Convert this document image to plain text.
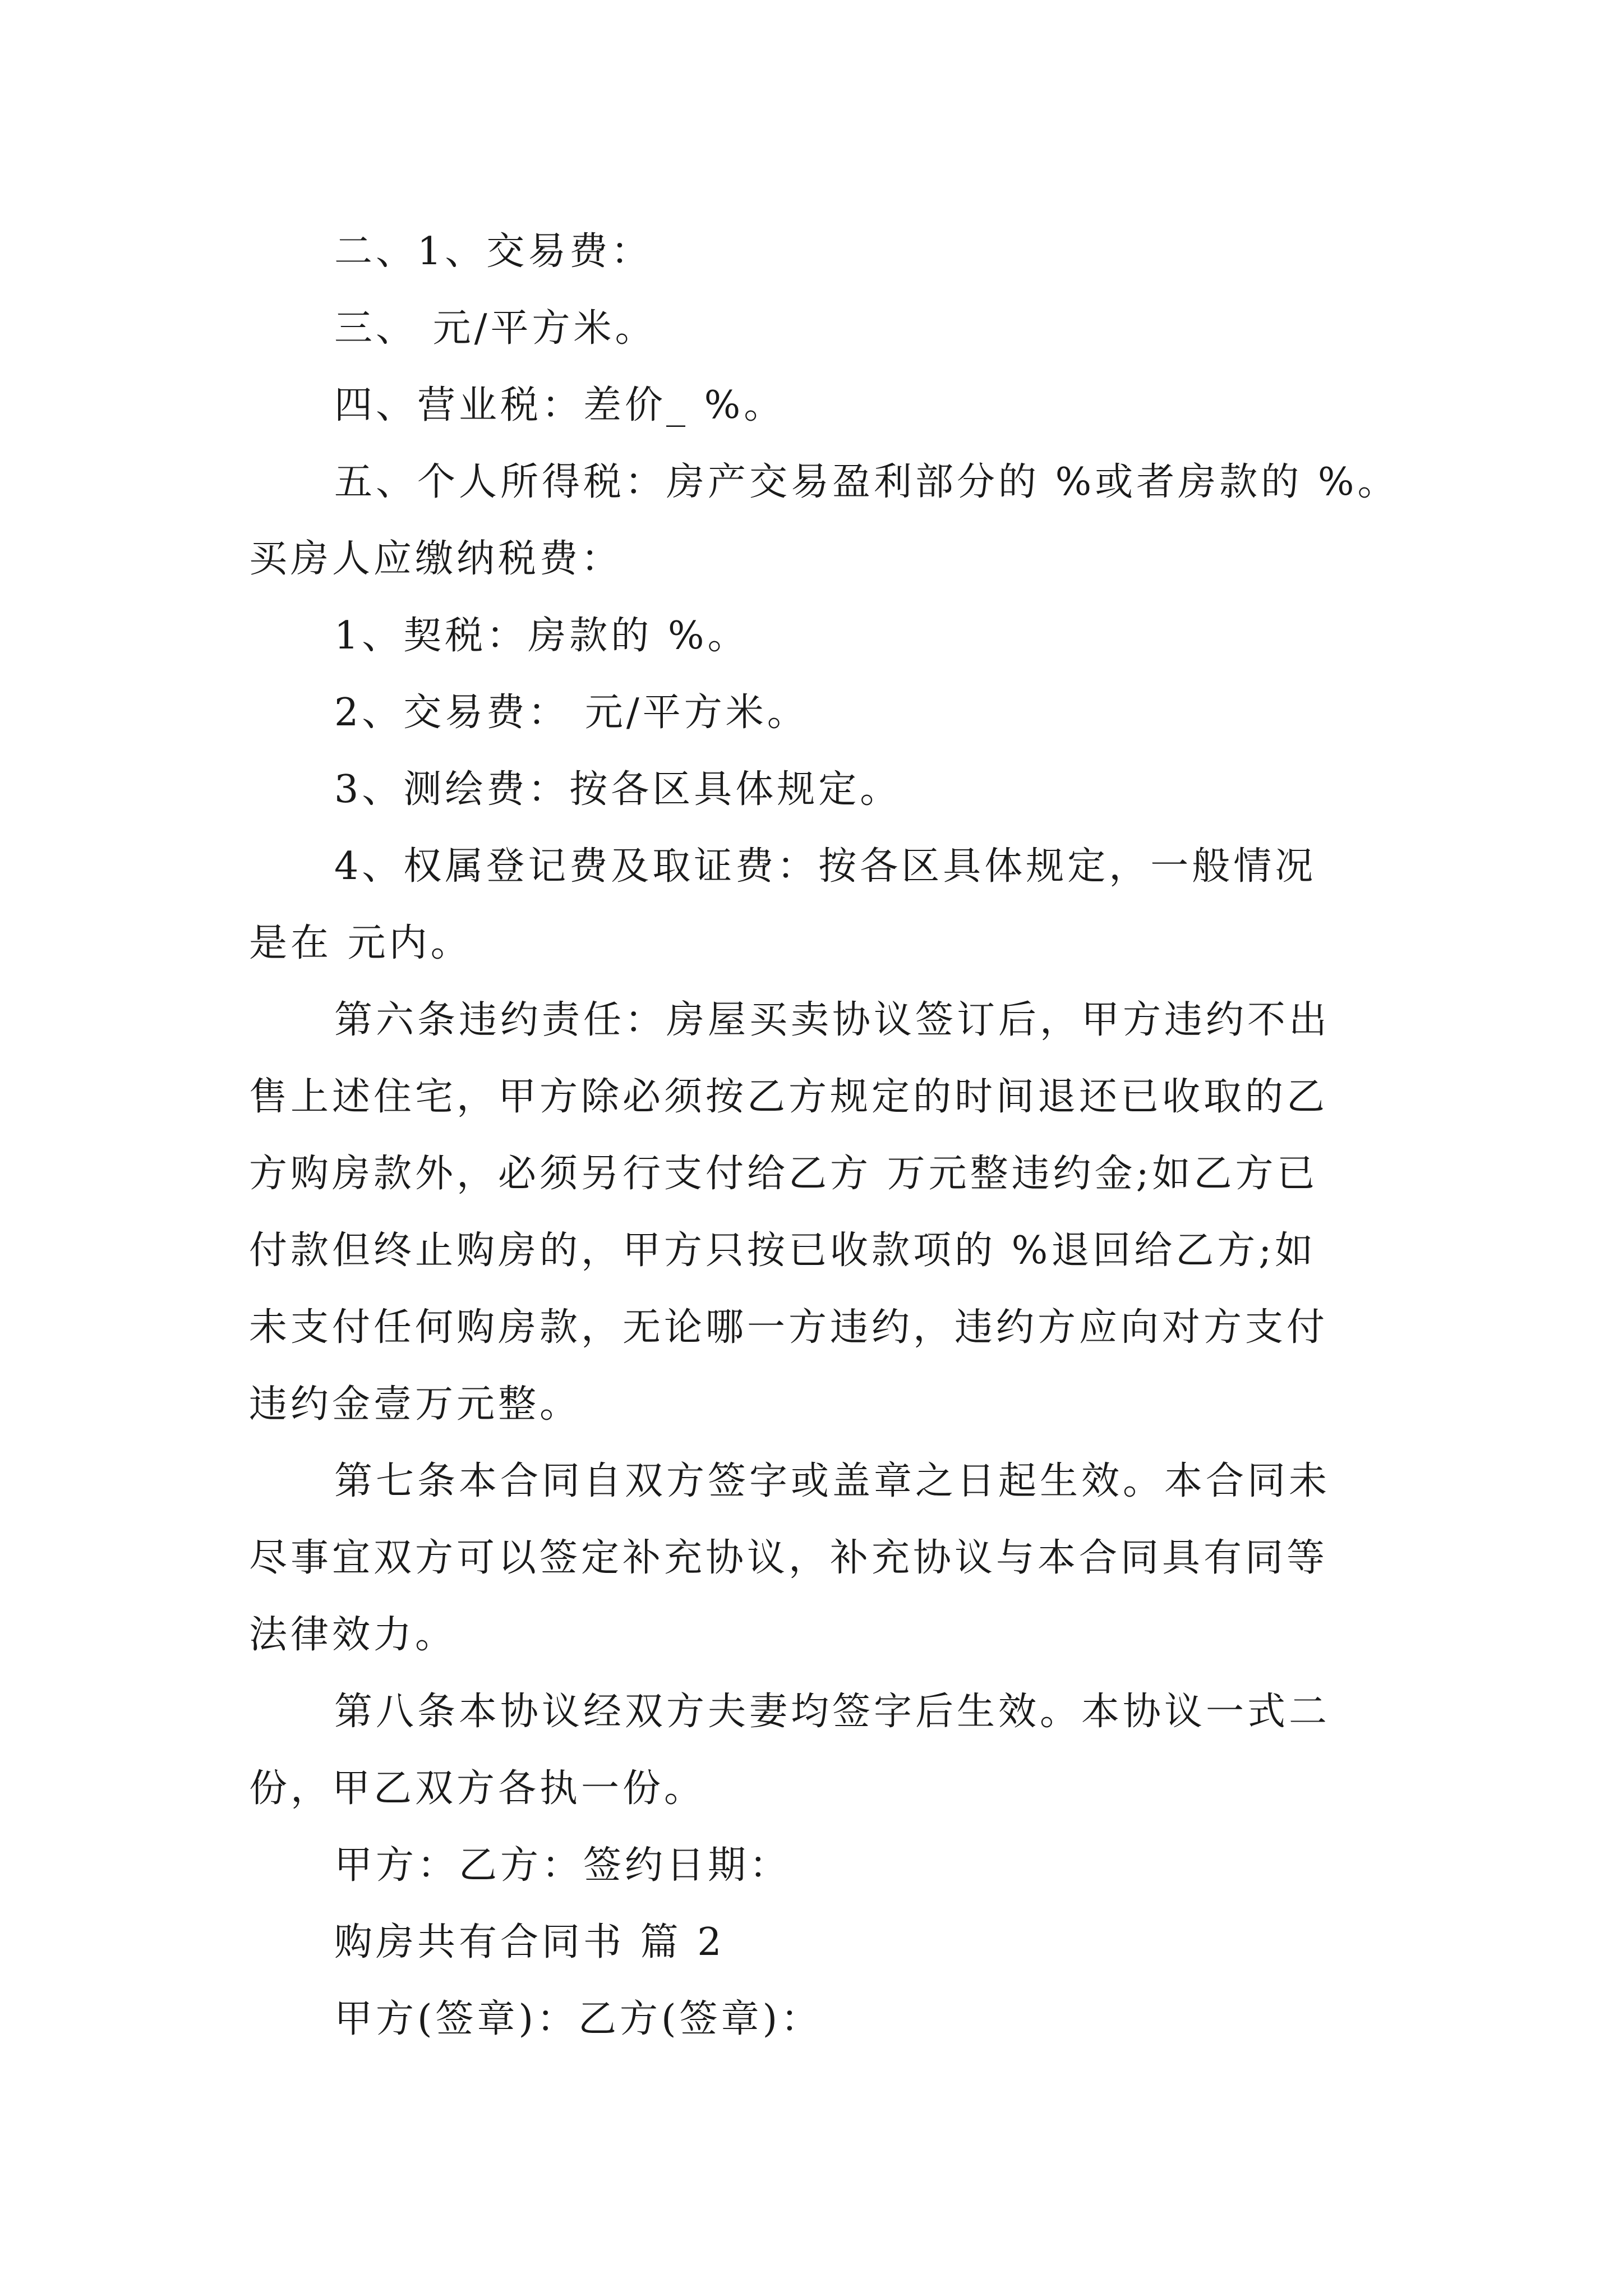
二、1、交易费：
三、 元/平方米。
四、营业税：差价_ %。
五、个人所得税：房产交易盈利部分的 %或者房款的 %。
买房人应缴纳税费：
1、契税：房款的 %。
2、交易费： 元/平方米。
3、测绘费：按各区具体规定。
4、权属登记费及取证费：按各区具体规定，一般情况
是在 元内。
第六条违约责任：房屋买卖协议签订后，甲方违约不出
售上述住宅，甲方除必须按乙方规定的时间退还已收取的乙
方购房款外，必须另行支付给乙方 万元整违约金;如乙方已
付款但终止购房的，甲方只按已收款项的 %退回给乙方;如
未支付任何购房款，无论哪一方违约，违约方应向对方支付
违约金壹万元整。
第七条本合同自双方签字或盖章之日起生效。本合同未
尽事宜双方可以签定补充协议，补充协议与本合同具有同等
法律效力。
第八条本协议经双方夫妻均签字后生效。本协议一式二
份，甲乙双方各执一份。
甲方：乙方：签约日期：
购房共有合同书 篇 2
甲方(签章)：乙方(签章)：
